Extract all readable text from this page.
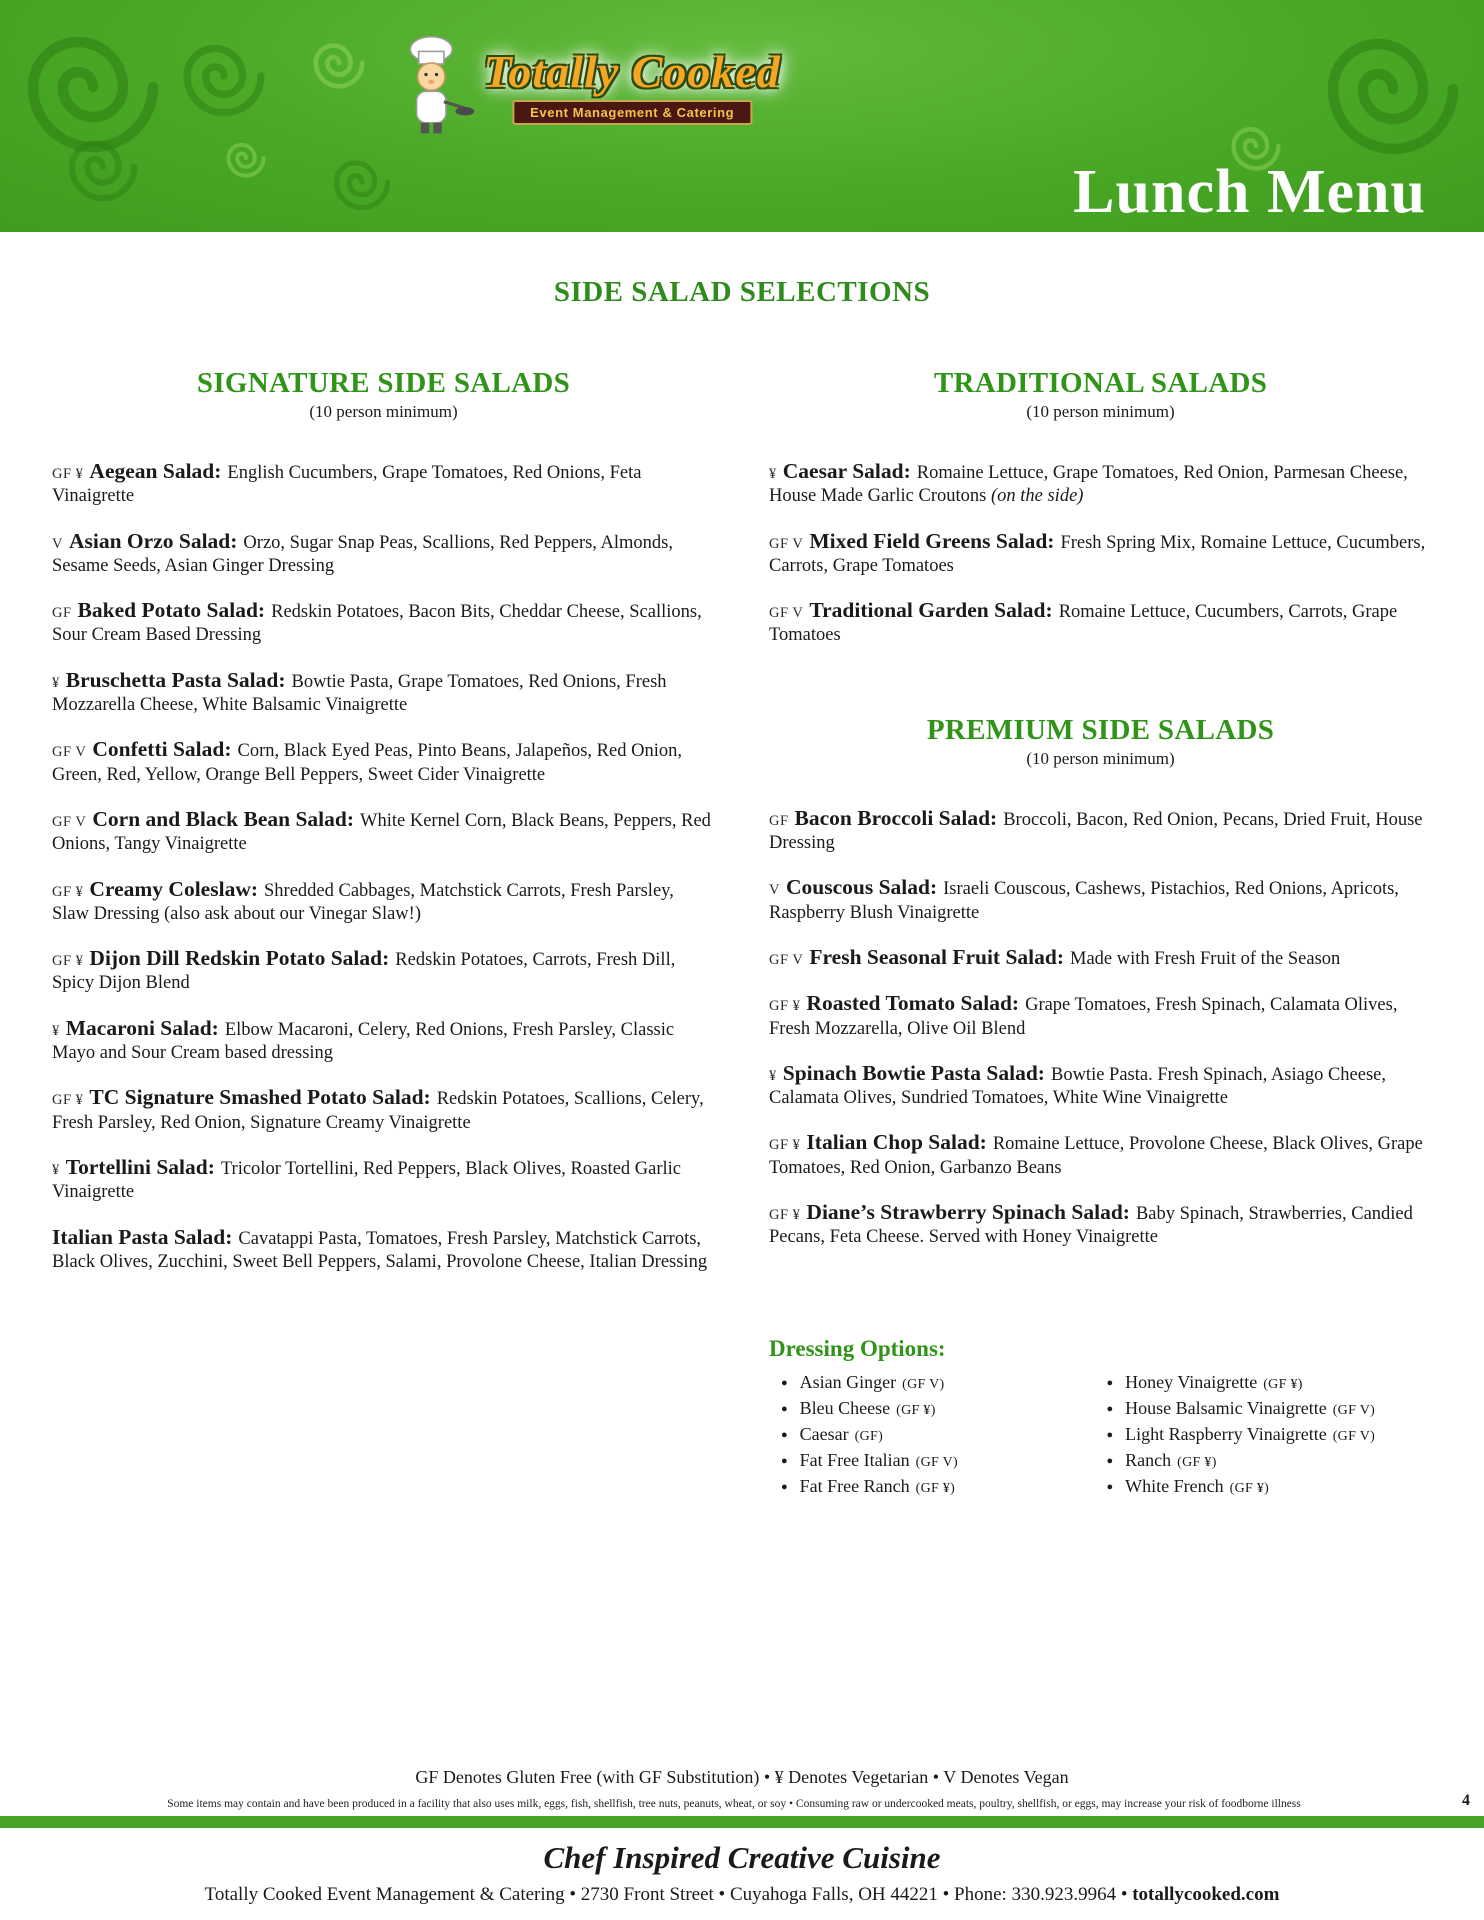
Totally Cooked
Event Management & Catering
Lunch Menu
SIDE SALAD SELECTIONS
SIGNATURE SIDE SALADS
(10 person minimum)

GF ¥ Aegean Salad: English Cucumbers, Grape Tomatoes, Red Onions, Feta Vinaigrette

V Asian Orzo Salad: Orzo, Sugar Snap Peas, Scallions, Red Peppers, Almonds, Sesame Seeds, Asian Ginger Dressing

GF Baked Potato Salad: Redskin Potatoes, Bacon Bits, Cheddar Cheese, Scallions, Sour Cream Based Dressing

¥ Bruschetta Pasta Salad: Bowtie Pasta, Grape Tomatoes, Red Onions, Fresh Mozzarella Cheese, White Balsamic Vinaigrette

GF V Confetti Salad: Corn, Black Eyed Peas, Pinto Beans, Jalapeños, Red Onion, Green, Red, Yellow, Orange Bell Peppers, Sweet Cider Vinaigrette

GF V Corn and Black Bean Salad: White Kernel Corn, Black Beans, Peppers, Red Onions, Tangy Vinaigrette

GF ¥ Creamy Coleslaw: Shredded Cabbages, Matchstick Carrots, Fresh Parsley, Slaw Dressing (also ask about our Vinegar Slaw!)

GF ¥ Dijon Dill Redskin Potato Salad: Redskin Potatoes, Carrots, Fresh Dill, Spicy Dijon Blend

¥ Macaroni Salad: Elbow Macaroni, Celery, Red Onions, Fresh Parsley, Classic Mayo and Sour Cream based dressing

GF ¥ TC Signature Smashed Potato Salad: Redskin Potatoes, Scallions, Celery, Fresh Parsley, Red Onion, Signature Creamy Vinaigrette

¥ Tortellini Salad: Tricolor Tortellini, Red Peppers, Black Olives, Roasted Garlic Vinaigrette

Italian Pasta Salad: Cavatappi Pasta, Tomatoes, Fresh Parsley, Matchstick Carrots, Black Olives, Zucchini, Sweet Bell Peppers, Salami, Provolone Cheese, Italian Dressing

TRADITIONAL SALADS
(10 person minimum)

¥ Caesar Salad: Romaine Lettuce, Grape Tomatoes, Red Onion, Parmesan Cheese, House Made Garlic Croutons (on the side)

GF V Mixed Field Greens Salad: Fresh Spring Mix, Romaine Lettuce, Cucumbers, Carrots, Grape Tomatoes

GF V Traditional Garden Salad: Romaine Lettuce, Cucumbers, Carrots, Grape Tomatoes

PREMIUM SIDE SALADS
(10 person minimum)

GF Bacon Broccoli Salad: Broccoli, Bacon, Red Onion, Pecans, Dried Fruit, House Dressing

V Couscous Salad: Israeli Couscous, Cashews, Pistachios, Red Onions, Apricots, Raspberry Blush Vinaigrette

GF V Fresh Seasonal Fruit Salad: Made with Fresh Fruit of the Season

GF ¥ Roasted Tomato Salad: Grape Tomatoes, Fresh Spinach, Calamata Olives, Fresh Mozzarella, Olive Oil Blend

¥ Spinach Bowtie Pasta Salad: Bowtie Pasta. Fresh Spinach, Asiago Cheese, Calamata Olives, Sundried Tomatoes, White Wine Vinaigrette

GF ¥ Italian Chop Salad: Romaine Lettuce, Provolone Cheese, Black Olives, Grape Tomatoes, Red Onion, Garbanzo Beans

GF ¥ Diane’s Strawberry Spinach Salad: Baby Spinach, Strawberries, Candied Pecans, Feta Cheese. Served with Honey Vinaigrette

Dressing Options:
● Asian Ginger (GF V)
● Bleu Cheese (GF ¥)
● Caesar (GF)
● Fat Free Italian (GF V)
● Fat Free Ranch (GF ¥)
● Honey Vinaigrette (GF ¥)
● House Balsamic Vinaigrette (GF V)
● Light Raspberry Vinaigrette (GF V)
● Ranch (GF ¥)
● White French (GF ¥)
GF Denotes Gluten Free (with GF Substitution) • ¥ Denotes Vegetarian • V Denotes Vegan
Some items may contain and have been produced in a facility that also uses milk, eggs, fish, shellfish, tree nuts, peanuts, wheat, or soy • Consuming raw or undercooked meats, poultry, shellfish, or eggs, may increase your risk of foodborne illness	4
Chef Inspired Creative Cuisine
Totally Cooked Event Management & Catering • 2730 Front Street • Cuyahoga Falls, OH 44221 • Phone: 330.923.9964 • totallycooked.com
